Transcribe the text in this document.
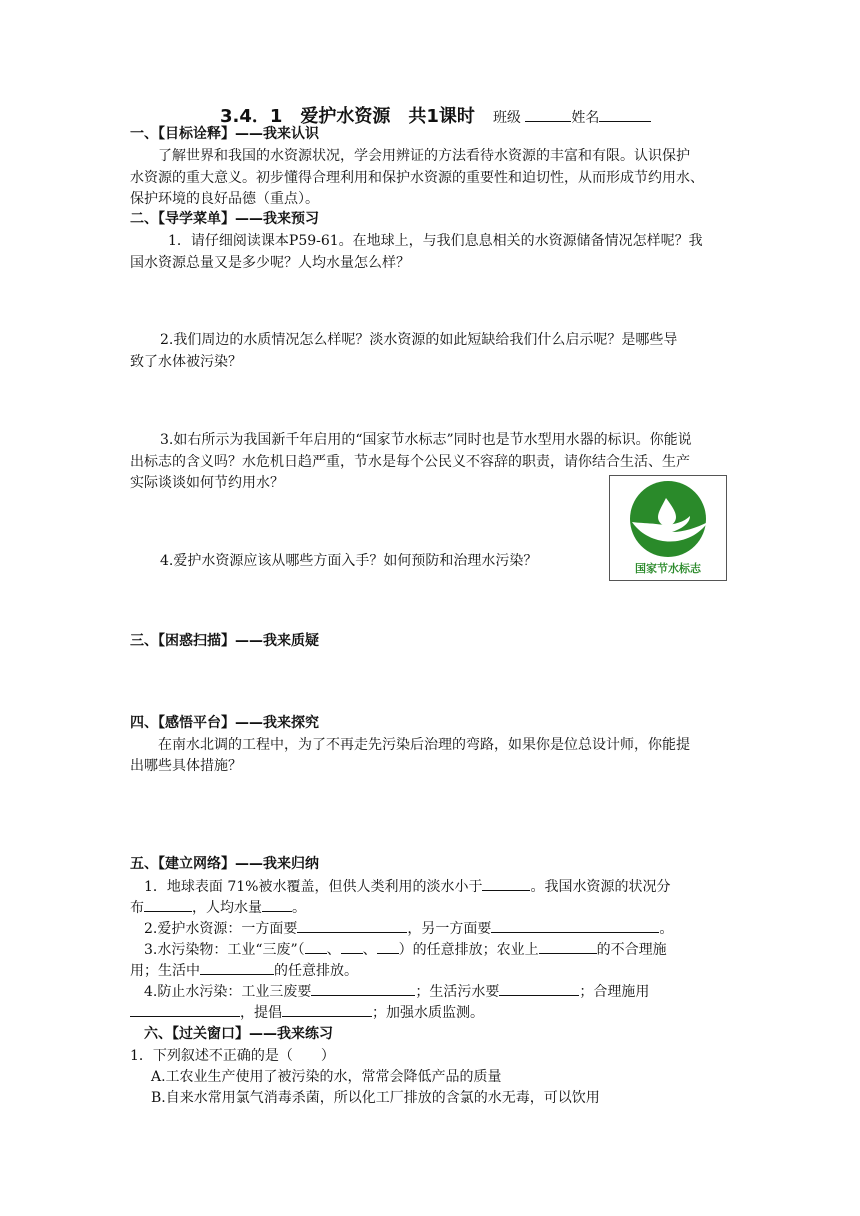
3.4．1　爱护水资源　共1课时 班级	姓名
一、【目标诠释】——我来认识
了解世界和我国的水资源状况，学会用辨证的方法看待水资源的丰富和有限。认识保护
水资源的重大意义。初步懂得合理利用和保护水资源的重要性和迫切性，从而形成节约用水、
保护环境的良好品德（重点）。
二、【导学菜单】——我来预习
1．请仔细阅读课本P59-61。在地球上，与我们息息相关的水资源储备情况怎样呢？我
国水资源总量又是多少呢？人均水量怎么样？
2.我们周边的水质情况怎么样呢？淡水资源的如此短缺给我们什么启示呢？是哪些导
致了水体被污染？
3.如右所示为我国新千年启用的“国家节水标志”同时也是节水型用水器的标识。你能说
出标志的含义吗？水危机日趋严重，节水是每个公民义不容辞的职责，请你结合生活、生产
实际谈谈如何节约用水？
4.爱护水资源应该从哪些方面入手？如何预防和治理水污染？	国家节水标志
三、【困惑扫描】——我来质疑
四、【感悟平台】——我来探究
在南水北调的工程中，为了不再走先污染后治理的弯路，如果你是位总设计师，你能提
出哪些具体措施？
五、【建立网络】——我来归纳
1．地球表面 71%被水覆盖，但供人类利用的淡水小于	。我国水资源的状况分
布	，人均水量 。
2.爱护水资源：一方面要	，另一方面要	。
3.水污染物：工业“三废”（ 、 、 ）的任意排放；农业上	的不合理施
用；生活中	的任意排放。
4.防止水污染：工业三废要	；生活污水要	；合理施用
，提倡	；加强水质监测。
六、【过关窗口】——我来练习
1．下列叙述不正确的是（　　）
A.工农业生产使用了被污染的水，常常会降低产品的质量
B.自来水常用氯气消毒杀菌，所以化工厂排放的含氯的水无毒，可以饮用
